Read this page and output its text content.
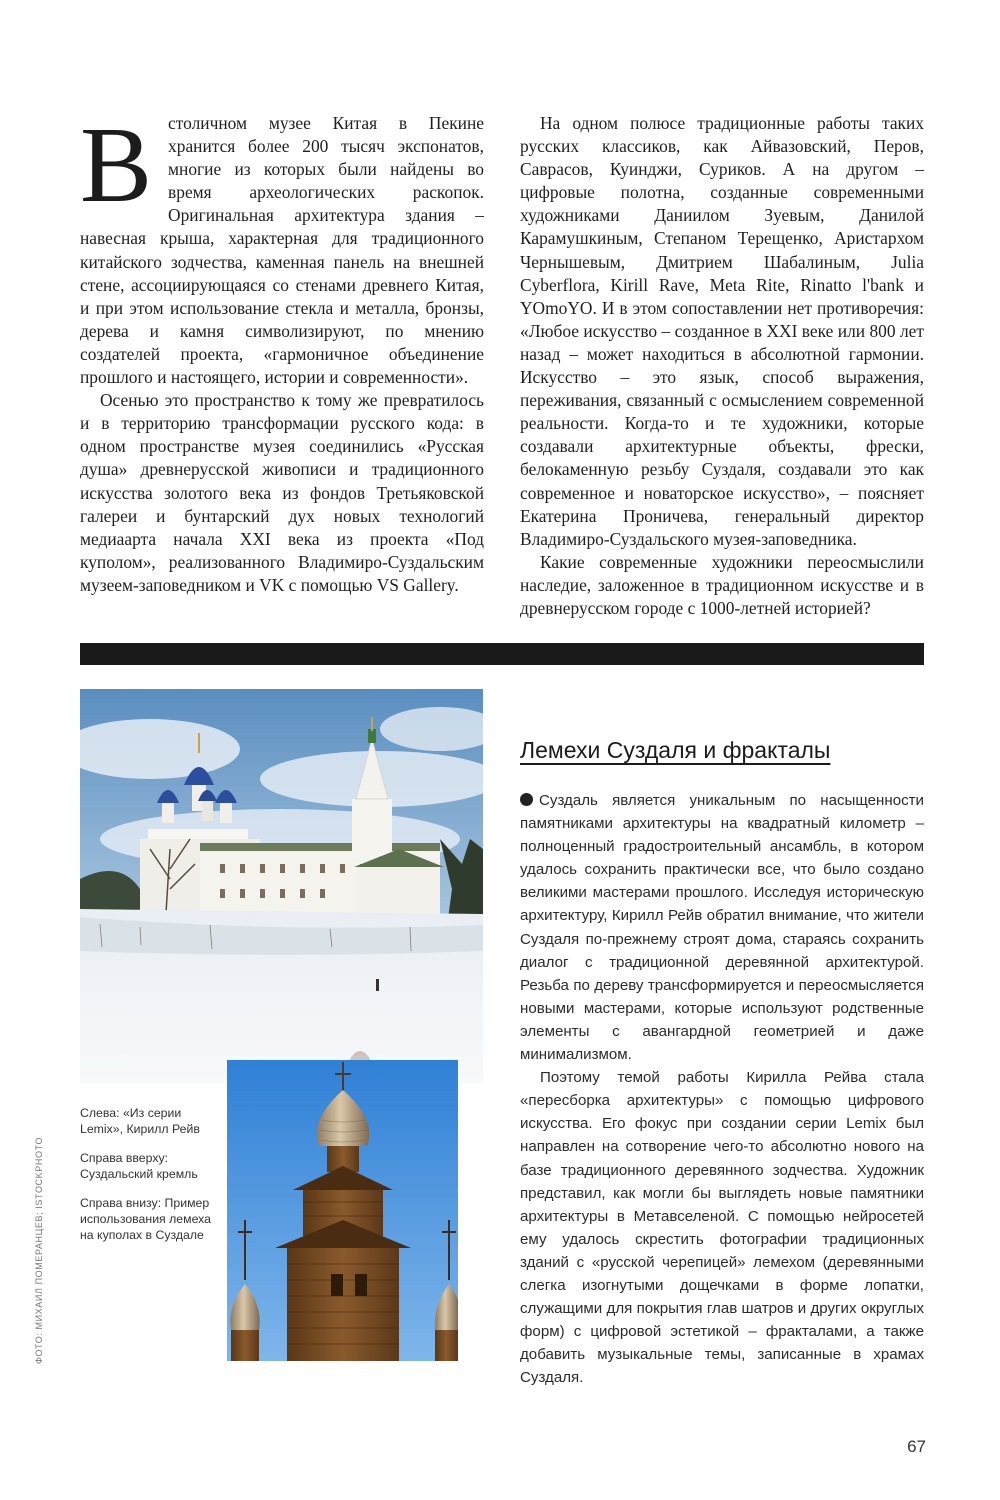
Встоличном музее Китая в Пекине хранится более 200 тысяч экспонатов, многие из которых были найдены во время археологических раскопок. Оригинальная архитектура здания – навесная крыша, характерная для традиционного китайского зодчества, каменная панель на внешней стене, ассоциирующаяся со стенами древнего Китая, и при этом использование стекла и металла, бронзы, дерева и камня символизируют, по мнению создателей проекта, «гармоничное объединение прошлого и настоящего, истории и современности».

Осенью это пространство к тому же превратилось и в территорию трансформации русского кода: в одном пространстве музея соединились «Русская душа» древнерусской живописи и традиционного искусства золотого века из фондов Третьяковской галереи и бунтарский дух новых технологий медиаарта начала XXI века из проекта «Под куполом», реализованного Владимиро-Суздальским музеем-заповедником и VK с помощью VS Gallery.

На одном полюсе традиционные работы таких русских классиков, как Айвазовский, Перов, Саврасов, Куинджи, Суриков. А на другом – цифровые полотна, созданные современными художниками Даниилом Зуевым, Данилой Карамушкиным, Степаном Терещенко, Аристархом Чернышевым, Дмитрием Шабалиным, Julia Cyberflora, Kirill Rave, Meta Rite, Rinatto l'bank и YOmoYO. И в этом сопоставлении нет противоречия: «Любое искусство – созданное в XXI веке или 800 лет назад – может находиться в абсолютной гармонии. Искусство – это язык, способ выражения, переживания, связанный с осмыслением современной реальности. Когда-то и те художники, которые создавали архитектурные объекты, фрески, белокаменную резьбу Суздаля, создавали это как современное и новаторское искусство», – поясняет Екатерина Проничева, генеральный директор Владимиро-Суздальского музея-заповедника.

Какие современные художники переосмыслили наследие, заложенное в традиционном искусстве и в древнерусском городе с 1000-летней историей?

Слева: «Из серии Lemix», Кирилл Рейв

Справа вверху: Суздальский кремль

Справа внизу: Пример использования лемеха на куполах в Суздале

ФОТО: МИХАИЛ ПОМЕРАНЦЕВ; ISTOCKPHOTO
Лемехи Суздаля и фракталы

Суздаль является уникальным по насыщенности памятниками архитектуры на квадратный километр – полноценный градостроительный ансамбль, в котором удалось сохранить практически все, что было создано великими мастерами прошлого. Исследуя историческую архитектуру, Кирилл Рейв обратил внимание, что жители Суздаля по-прежнему строят дома, стараясь сохранить диалог с традиционной деревянной архитектурой. Резьба по дереву трансформируется и переосмысляется новыми мастерами, которые используют родственные элементы с авангардной геометрией и даже минимализмом.

Поэтому темой работы Кирилла Рейва стала «пересборка архитектуры» с помощью цифрового искусства. Его фокус при создании серии Lemix был направлен на сотворение чего-то абсолютно нового на базе традиционного деревянного зодчества. Художник представил, как могли бы выглядеть новые памятники архитектуры в Метавселеной. С помощью нейросетей ему удалось скрестить фотографии традиционных зданий с «русской черепицей» лемехом (деревянными слегка изогнутыми дощечками в форме лопатки, служащими для покрытия глав шатров и других округлых форм) с цифровой эстетикой – фракталами, а также добавить музыкальные темы, записанные в храмах Суздаля.

67
